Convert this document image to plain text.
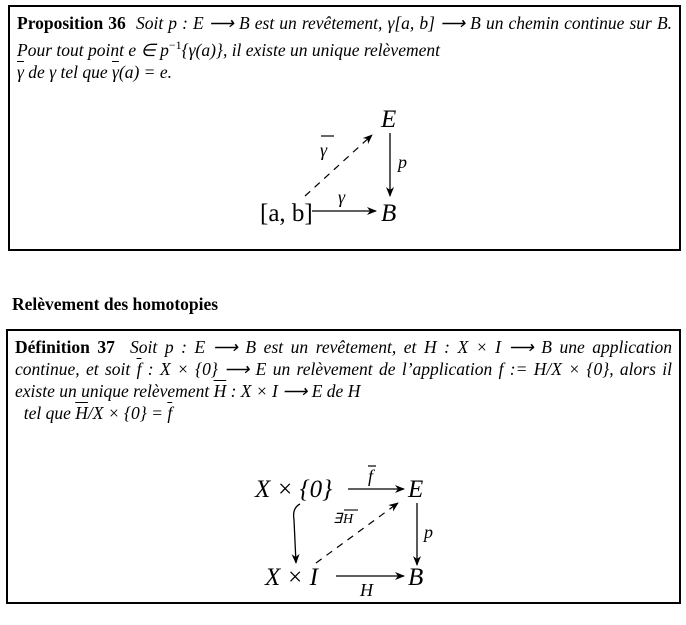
Proposition 36 Soit p : E ⟶ B est un revêtement, γ[a, b] ⟶ B un chemin continue sur B. Pour tout point e ∈ $p^{-1}\{\gamma(a)\}$, il existe un unique relèvement
$\overline{\gamma}$ de γ tel que $\overline{\gamma}(a) = e$.

E
B
[a, b]
p
γ
γ
Relèvement des homotopies

Définition 37 Soit p : E ⟶ B est un revêtement, et H : X × I ⟶ B une application continue, et soit $\overline{f}$ : X × {0} ⟶ E un relèvement de l’application f := H/X × {0}, alors il existe un unique relèvement $\overline{H}$ : X × I ⟶ E de H
tel que $\overline{H}/X \times \{0\} = \overline{f}$

X × {0}	E
X × I	B
f
p
H
∃ H
